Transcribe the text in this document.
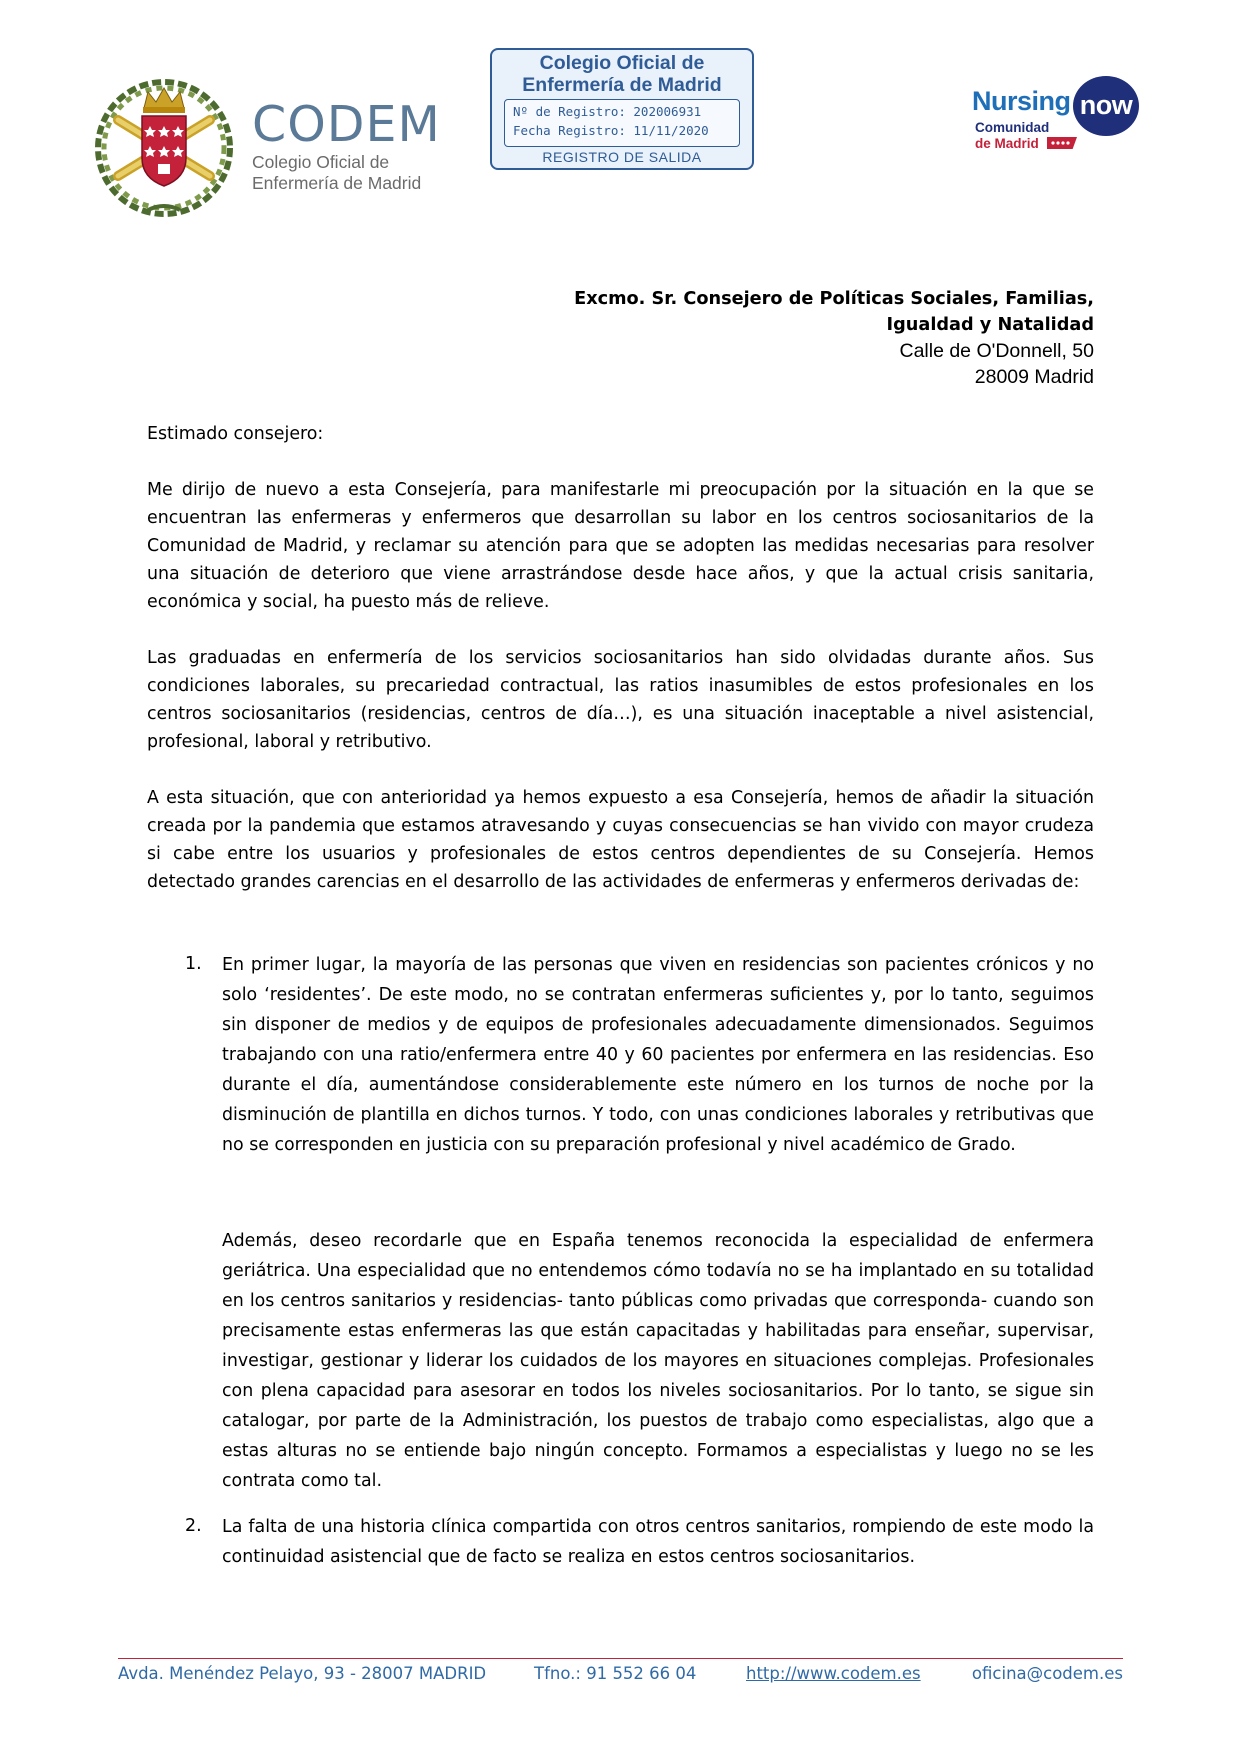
CODEM
Colegio Oficial de
Enfermería de Madrid
Colegio Oficial de
Enfermería de Madrid
Nº de Registro: 202006931
Fecha Registro: 11/11/2020
REGISTRO DE SALIDA
Nursing now
Comunidad
de Madrid
Excmo. Sr. Consejero de Políticas Sociales, Familias,
Igualdad y Natalidad
Calle de O'Donnell, 50
28009 Madrid
Estimado consejero:

Me dirijo de nuevo a esta Consejería, para manifestarle mi preocupación por la situación en la que se encuentran las enfermeras y enfermeros que desarrollan su labor en los centros sociosanitarios de la Comunidad de Madrid, y reclamar su atención para que se adopten las medidas necesarias para resolver una situación de deterioro que viene arrastrándose desde hace años, y que la actual crisis sanitaria, económica y social, ha puesto más de relieve.

Las graduadas en enfermería de los servicios sociosanitarios han sido olvidadas durante años. Sus condiciones laborales, su precariedad contractual, las ratios inasumibles de estos profesionales en los centros sociosanitarios (residencias, centros de día…), es una situación inaceptable a nivel asistencial, profesional, laboral y retributivo.

A esta situación, que con anterioridad ya hemos expuesto a esa Consejería, hemos de añadir la situación creada por la pandemia que estamos atravesando y cuyas consecuencias se han vivido con mayor crudeza si cabe entre los usuarios y profesionales de estos centros dependientes de su Consejería. Hemos detectado grandes carencias en el desarrollo de las actividades de enfermeras y enfermeros derivadas de:

1. En primer lugar, la mayoría de las personas que viven en residencias son pacientes crónicos y no solo ‘residentes’. De este modo, no se contratan enfermeras suficientes y, por lo tanto, seguimos sin disponer de medios y de equipos de profesionales adecuadamente dimensionados. Seguimos trabajando con una ratio/enfermera entre 40 y 60 pacientes por enfermera en las residencias. Eso durante el día, aumentándose considerablemente este número en los turnos de noche por la disminución de plantilla en dichos turnos. Y todo, con unas condiciones laborales y retributivas que no se corresponden en justicia con su preparación profesional y nivel académico de Grado.
Además, deseo recordarle que en España tenemos reconocida la especialidad de enfermera geriátrica. Una especialidad que no entendemos cómo todavía no se ha implantado en su totalidad en los centros sanitarios y residencias- tanto públicas como privadas que corresponda- cuando son precisamente estas enfermeras las que están capacitadas y habilitadas para enseñar, supervisar, investigar, gestionar y liderar los cuidados de los mayores en situaciones complejas. Profesionales con plena capacidad para asesorar en todos los niveles sociosanitarios. Por lo tanto, se sigue sin catalogar, por parte de la Administración, los puestos de trabajo como especialistas, algo que a estas alturas no se entiende bajo ningún concepto. Formamos a especialistas y luego no se les contrata como tal.
2. La falta de una historia clínica compartida con otros centros sanitarios, rompiendo de este modo la continuidad asistencial que de facto se realiza en estos centros sociosanitarios.
Avda. Menéndez Pelayo, 93 - 28007 MADRID	Tfno.: 91 552 66 04	http://www.codem.es	oficina@codem.es
